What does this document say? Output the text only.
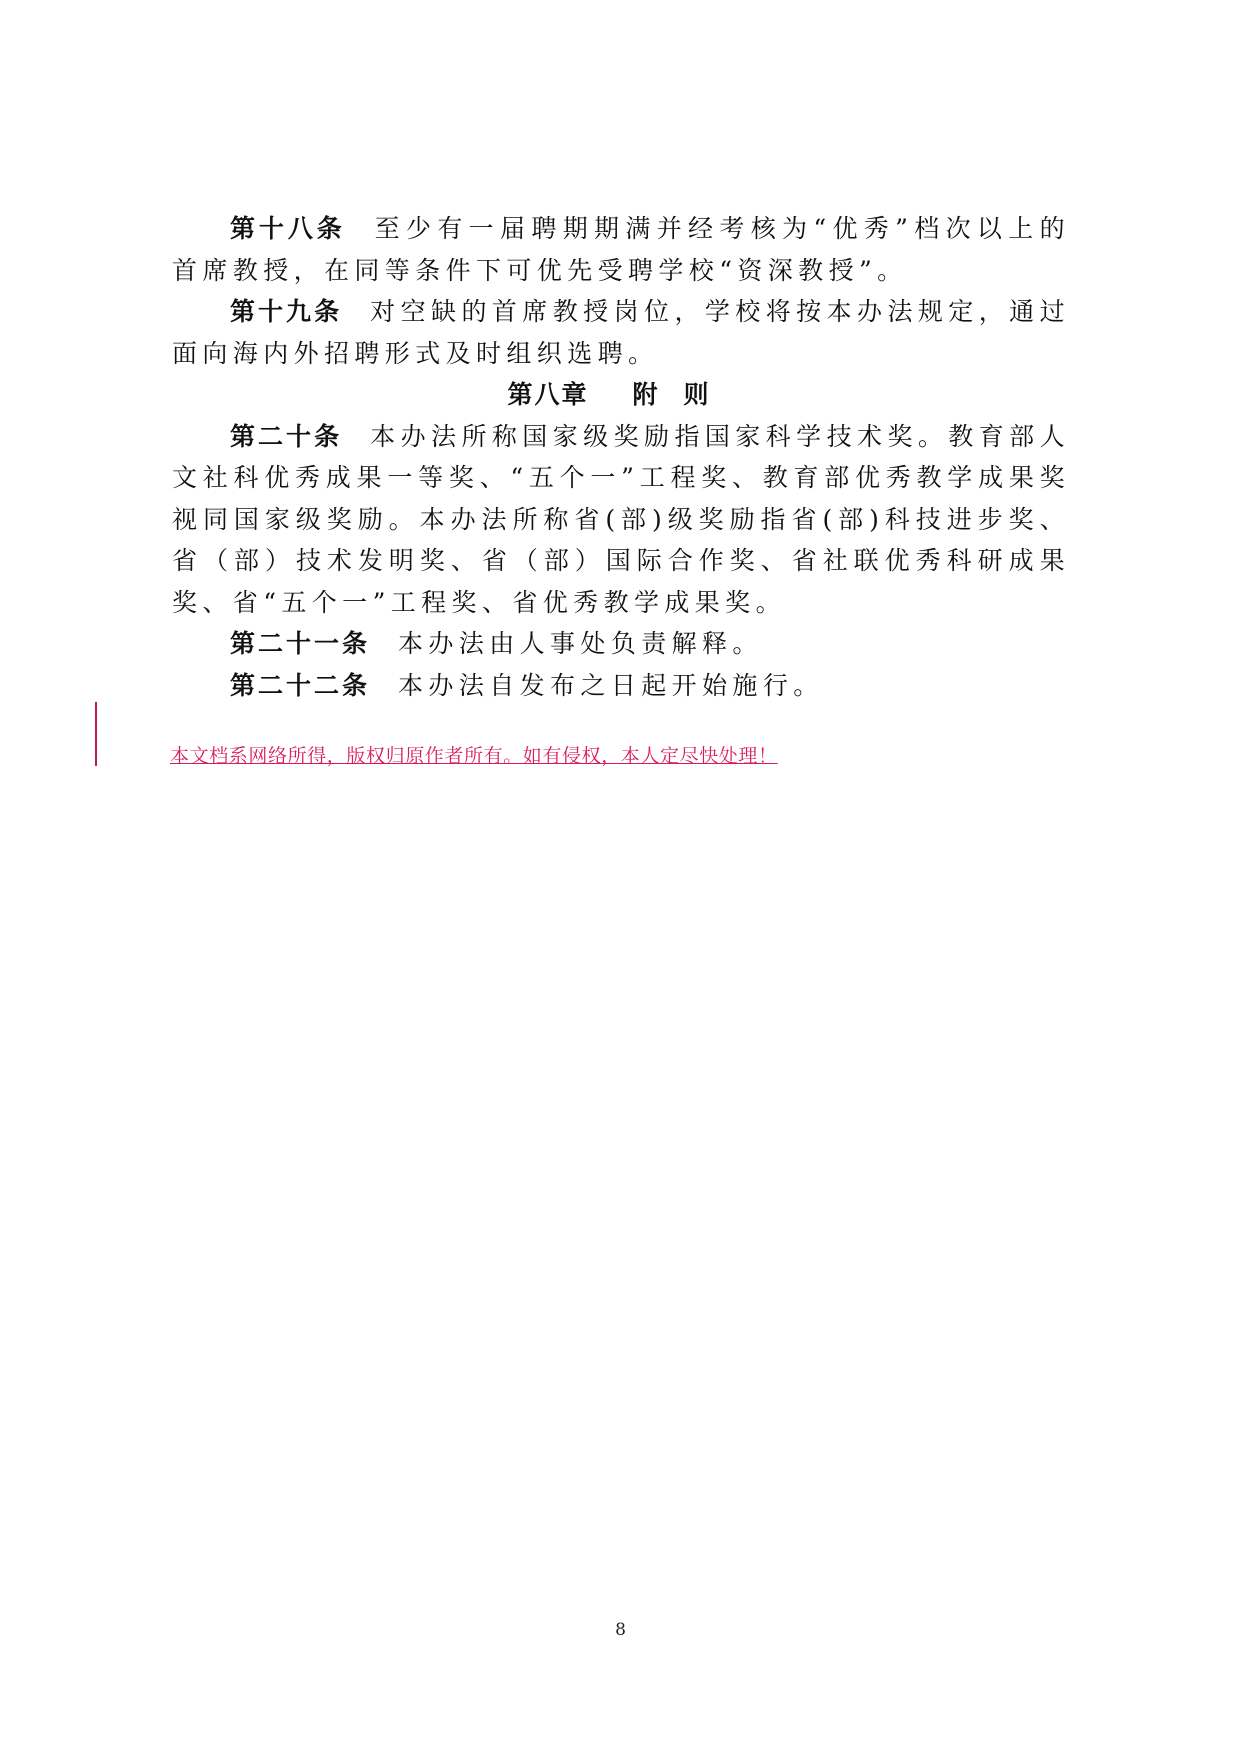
第十八条 至少有一届聘期期满并经考核为“优秀”档次以上的首席教授，在同等条件下可优先受聘学校“资深教授”。

第十九条 对空缺的首席教授岗位，学校将按本办法规定，通过面向海内外招聘形式及时组织选聘。

第八章 附则

第二十条 本办法所称国家级奖励指国家科学技术奖。教育部人文社科优秀成果一等奖、“五个一”工程奖、教育部优秀教学成果奖视同国家级奖励。本办法所称省(部)级奖励指省(部)科技进步奖、省（部）技术发明奖、省（部）国际合作奖、省社联优秀科研成果奖、省“五个一”工程奖、省优秀教学成果奖。

第二十一条 本办法由人事处负责解释。

第二十二条 本办法自发布之日起开始施行。

本文档系网络所得，版权归原作者所有。如有侵权，本人定尽快处理！
8
